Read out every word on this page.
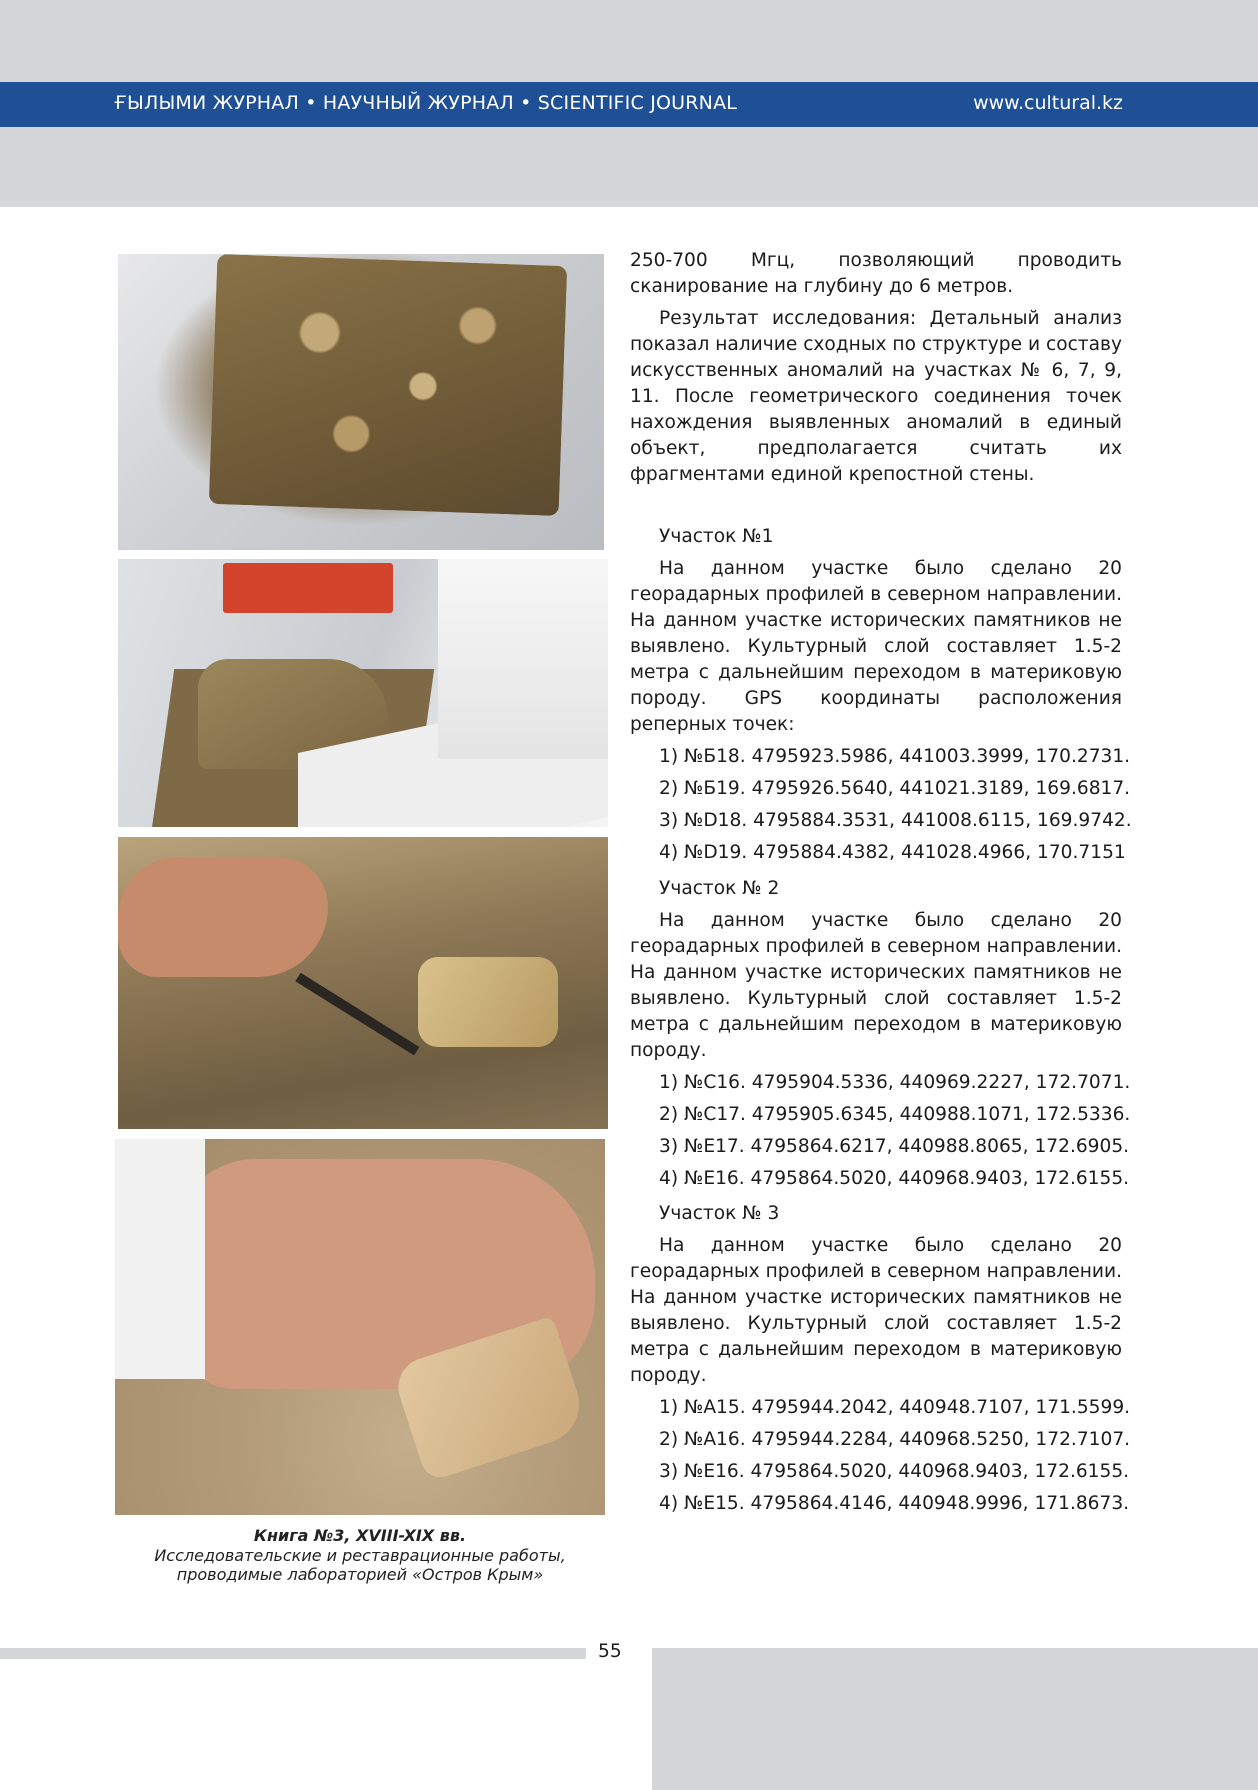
ҒЫЛЫМИ ЖУРНАЛ • НАУЧНЫЙ ЖУРНАЛ • SCIENTIFIC JOURNAL	www.cultural.kz
Книга №3, XVIII-XIX вв.
Исследовательские и реставрационные работы,
проводимые лабораторией «Остров Крым»

250-700 Мгц, позволяющий проводить сканирование на глубину до 6 метров.

Результат исследования: Детальный анализ показал наличие сходных по структуре и составу искусственных аномалий на участках № 6, 7, 9, 11. После геометрического соединения точек нахождения выявленных аномалий в единый объект, предполагается считать их фрагментами единой крепостной стены.

Участок №1

На данном участке было сделано 20 георадарных профилей в северном направлении. На данном участке исторических памятников не выявлено. Культурный слой составляет 1.5-2 метра с дальнейшим переходом в материковую породу. GPS координаты расположения реперных точек:

1) №Б18. 4795923.5986, 441003.3999, 170.2731.

2) №Б19. 4795926.5640, 441021.3189, 169.6817.

3) №D18. 4795884.3531, 441008.6115, 169.9742.

4) №D19. 4795884.4382, 441028.4966, 170.7151

Участок № 2

На данном участке было сделано 20 георадарных профилей в северном направлении. На данном участке исторических памятников не выявлено. Культурный слой составляет 1.5-2 метра с дальнейшим переходом в материковую породу.

1) №C16. 4795904.5336, 440969.2227, 172.7071.

2) №C17. 4795905.6345, 440988.1071, 172.5336.

3) №E17. 4795864.6217, 440988.8065, 172.6905.

4) №E16. 4795864.5020, 440968.9403, 172.6155.

Участок № 3

На данном участке было сделано 20 георадарных профилей в северном направлении. На данном участке исторических памятников не выявлено. Культурный слой составляет 1.5-2 метра с дальнейшим переходом в материковую породу.

1) №A15. 4795944.2042, 440948.7107, 171.5599.

2) №A16. 4795944.2284, 440968.5250, 172.7107.

3) №E16. 4795864.5020, 440968.9403, 172.6155.

4) №E15. 4795864.4146, 440948.9996, 171.8673.

55
